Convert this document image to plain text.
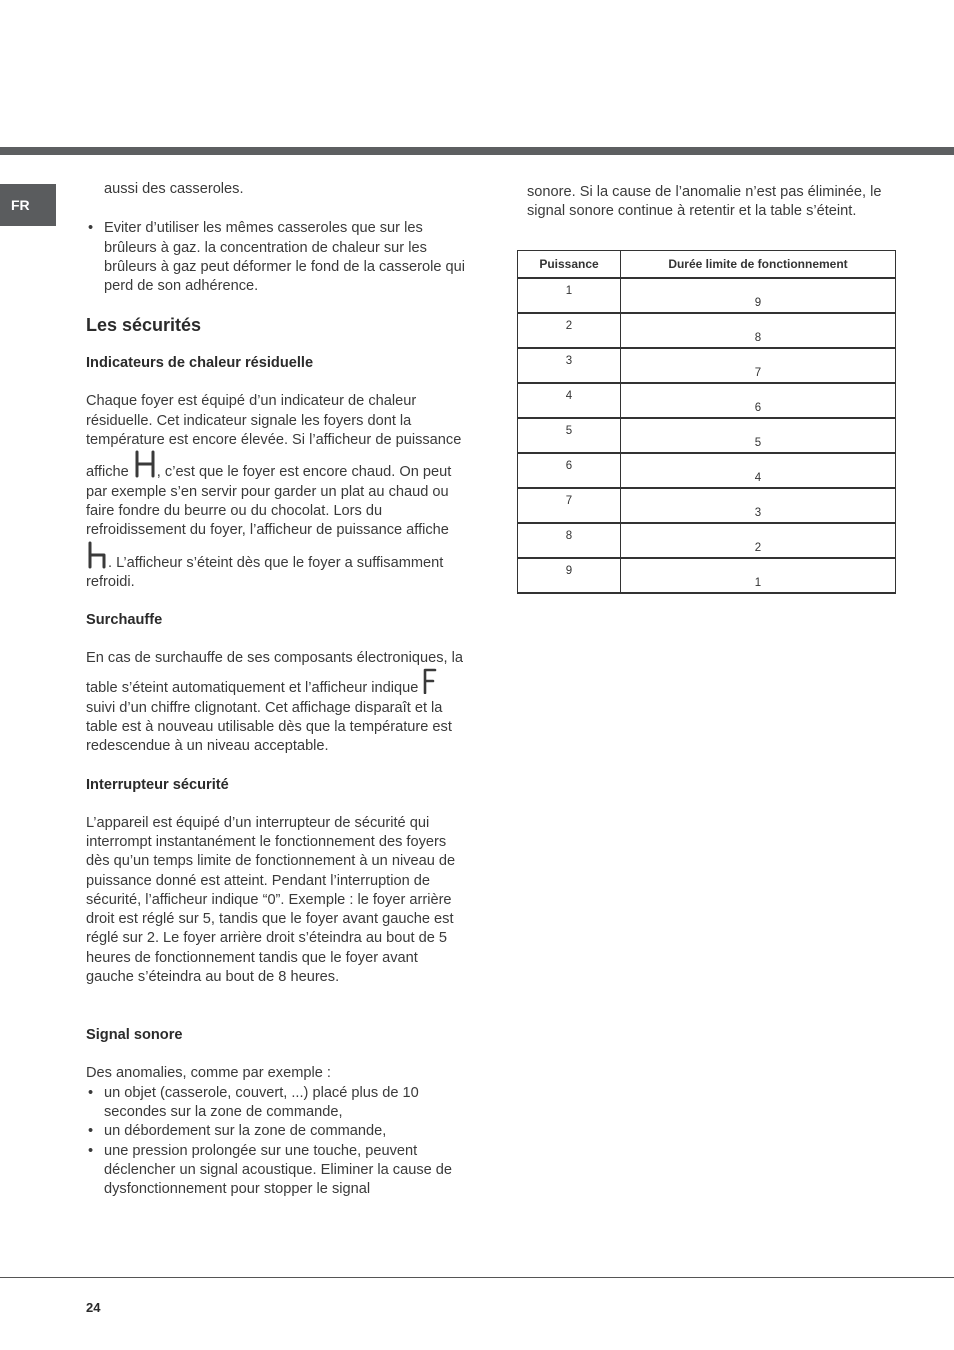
FR

aussi des casseroles.

• Eviter d’utiliser les mêmes casseroles que sur les brûleurs à gaz. la concentration de chaleur sur les brûleurs à gaz peut déformer le fond de la casserole qui perd de son adhérence.
Les sécurités
Indicateurs de chaleur résiduelle

Chaque foyer est équipé d’un indicateur de chaleur résiduelle. Cet indicateur signale les foyers dont la température est encore élevée. Si l’afficheur de puissance affiche , c’est que le foyer est encore chaud. On peut par exemple s’en servir pour garder un plat au chaud ou faire fondre du beurre ou du chocolat. Lors du refroidissement du foyer, l’afficheur de puissance affiche . L’afficheur s’éteint dès que le foyer a suffisamment refroidi.

Surchauffe

En cas de surchauffe de ses composants électroniques, la table s’éteint automatiquement et l’afficheur indique  suivi d’un chiffre clignotant. Cet affichage disparaît et la table est à nouveau utilisable dès que la température est redescendue à un niveau acceptable.

Interrupteur sécurité

L’appareil est équipé d’un interrupteur de sécurité qui interrompt instantanément le fonctionnement des foyers dès qu’un temps limite de fonctionnement à un niveau de puissance donné est atteint. Pendant l’interruption de sécurité, l’afficheur indique “0”. Exemple : le foyer arrière droit est réglé sur 5, tandis que le foyer avant gauche est réglé sur 2. Le foyer arrière droit s’éteindra au bout de 5 heures de fonctionnement tandis que le foyer avant gauche s’éteindra au bout de 8 heures.

Signal sonore

Des anomalies, comme par exemple :

• un objet (casserole, couvert, ...) placé plus de 10 secondes sur la zone de commande,
• un débordement sur la zone de commande,
• une pression prolongée sur une touche, peuvent déclencher un signal acoustique. Eliminer la cause de dysfonctionnement pour stopper le signal

sonore. Si la cause de l’anomalie n’est pas éliminée, le signal sonore continue à retentir et la table s’éteint.

Puissance	Durée limite de fonctionnement
1	9
2	8
3	7
4	6
5	5
6	4
7	3
8	2
9	1
24
